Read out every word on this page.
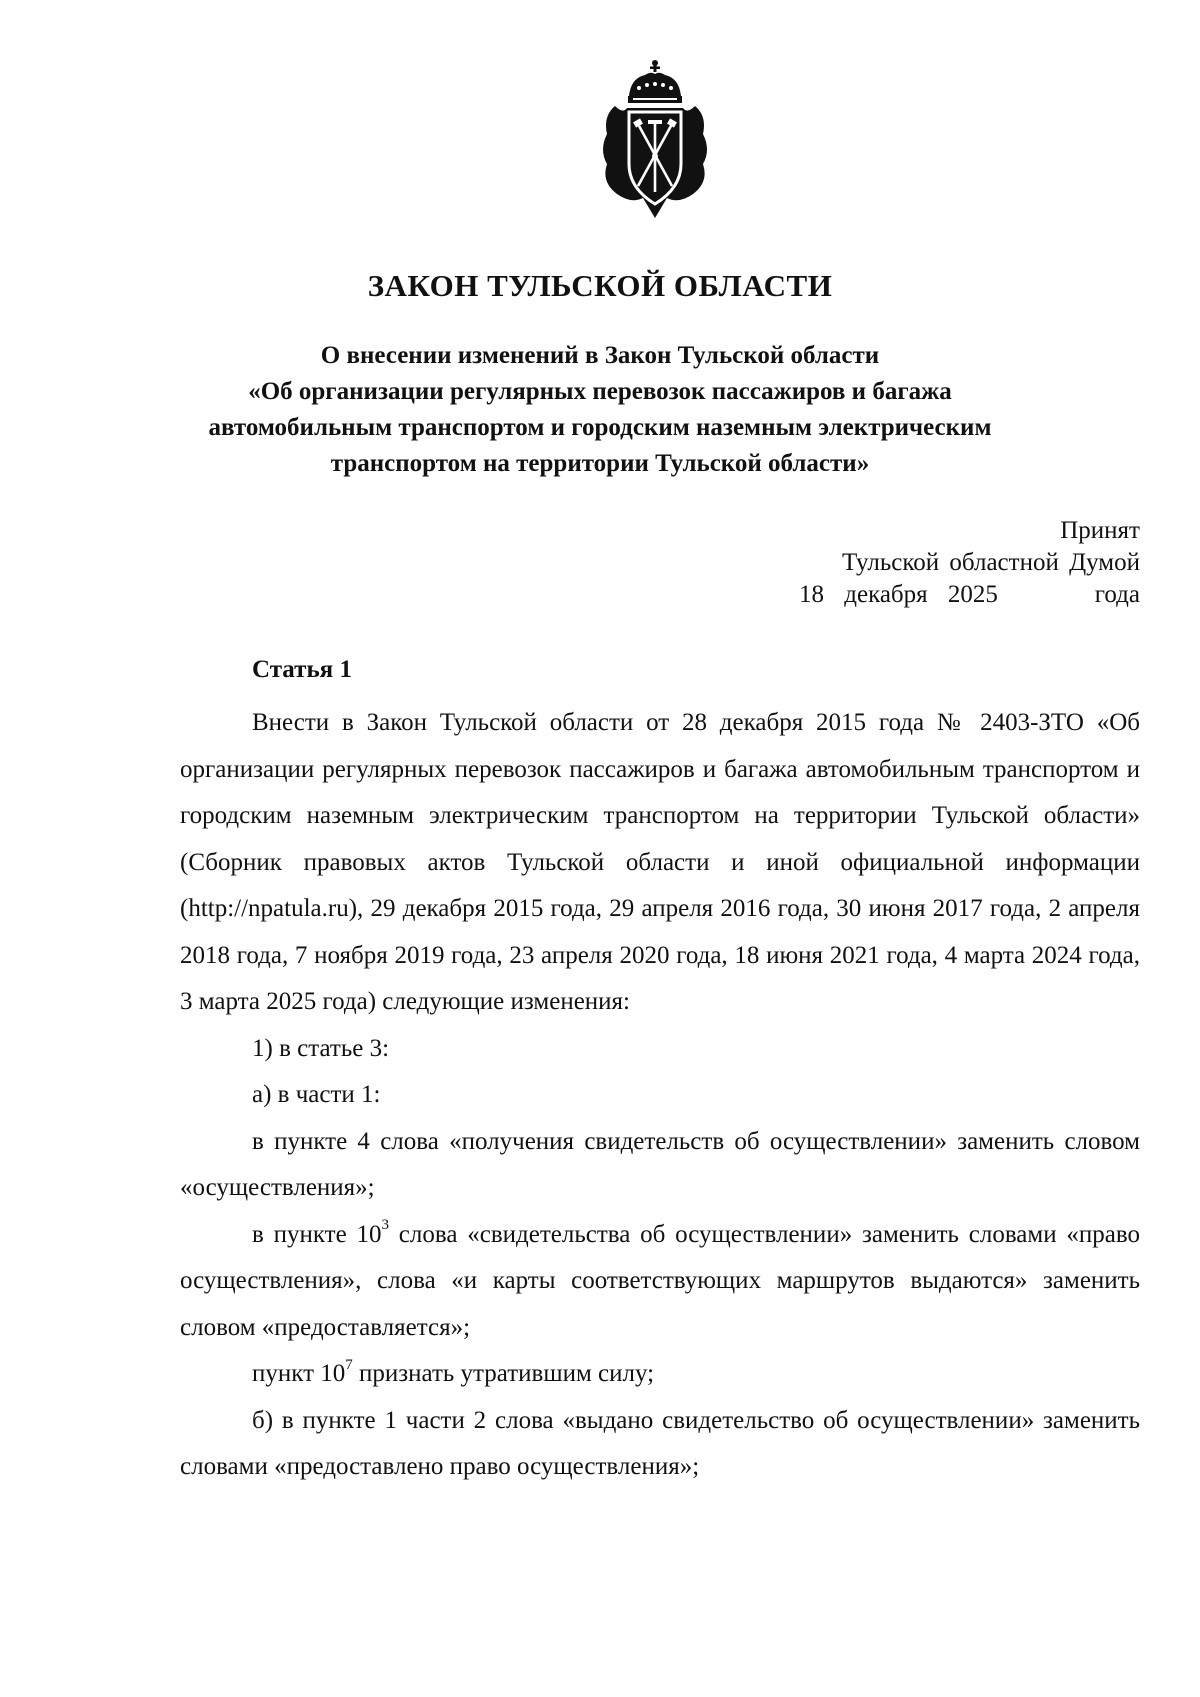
ЗАКОН ТУЛЬСКОЙ ОБЛАСТИ
О внесении изменений в Закон Тульской области
«Об организации регулярных перевозок пассажиров и багажа
автомобильным транспортом и городским наземным электрическим
транспортом на территории Тульской области»
Принят
Тульской областной Думой
18 декабря 2025	года
Статья 1

Внести в Закон Тульской области от 28 декабря 2015 года № 2403-ЗТО «Об организации регулярных перевозок пассажиров и багажа автомобильным транспортом и городским наземным электрическим транспортом на территории Тульской области» (Сборник правовых актов Тульской области и иной официальной информации (http://npatula.ru), 29 декабря 2015 года, 29 апреля 2016 года, 30 июня 2017 года, 2 апреля 2018 года, 7 ноября 2019 года, 23 апреля 2020 года, 18 июня 2021 года, 4 марта 2024 года, 3 марта 2025 года) следующие изменения:

1) в статье 3:

а) в части 1:

в пункте 4 слова «получения свидетельств об осуществлении» заменить словом «осуществления»;

в пункте $10^3$ слова «свидетельства об осуществлении» заменить словами «право осуществления», слова «и карты соответствующих маршрутов выдаются» заменить словом «предоставляется»;

пункт $10^7$ признать утратившим силу;

б) в пункте 1 части 2 слова «выдано свидетельство об осуществлении» заменить словами «предоставлено право осуществления»;
